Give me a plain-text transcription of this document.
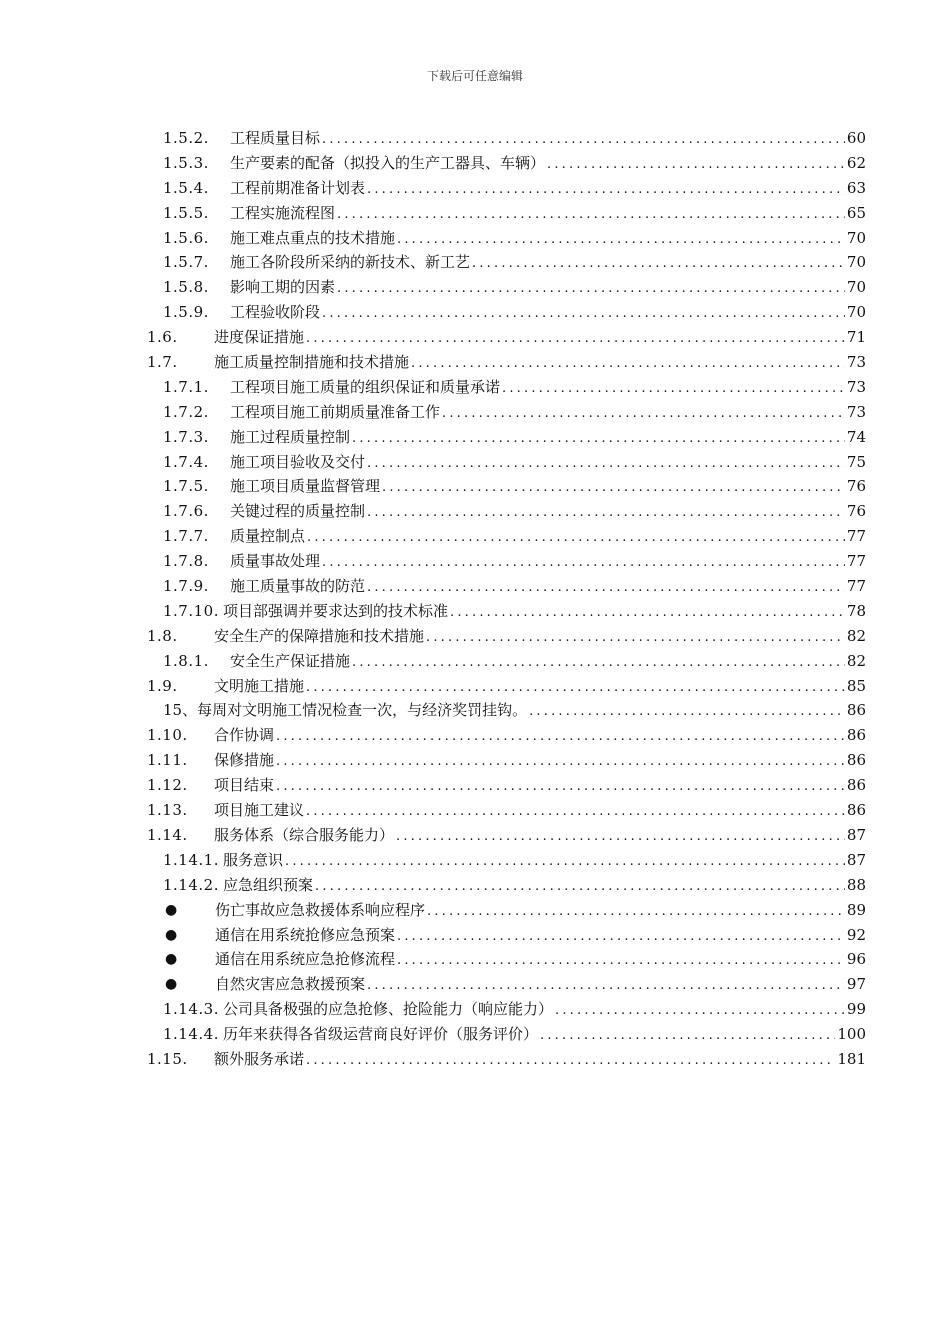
下载后可任意编辑
1.5.2.	工程质量目标 .....	60
1.5.3.	生产要素的配备（拟投入的生产工器具、车辆） .....	62
1.5.4.	工程前期准备计划表 .....	63
1.5.5.	工程实施流程图 .....	65
1.5.6.	施工难点重点的技术措施 .....	70
1.5.7.	施工各阶段所采纳的新技术、新工艺 .....	70
1.5.8.	影响工期的因素 .....	70
1.5.9.	工程验收阶段 .....	70
1.6.	进度保证措施 .....	71
1.7.	施工质量控制措施和技术措施 .....	73
1.7.1.	工程项目施工质量的组织保证和质量承诺 .....	73
1.7.2.	工程项目施工前期质量准备工作 .....	73
1.7.3.	施工过程质量控制 .....	74
1.7.4.	施工项目验收及交付 .....	75
1.7.5.	施工项目质量监督管理 .....	76
1.7.6.	关键过程的质量控制 .....	76
1.7.7.	质量控制点 .....	77
1.7.8.	质量事故处理 .....	77
1.7.9.	施工质量事故的防范 .....	77
1.7.10. 项目部强调并要求达到的技术标准 .....	78
1.8.	安全生产的保障措施和技术措施 .....	82
1.8.1.	安全生产保证措施 .....	82
1.9.	文明施工措施 .....	85
15、每周对文明施工情况检查一次，与经济奖罚挂钩。 .....	86
1.10.	合作协调 .....	86
1.11.	保修措施 .....	86
1.12.	项目结束 .....	86
1.13.	项目施工建议 .....	86
1.14.	服务体系（综合服务能力） .....	87
1.14.1. 服务意识 .....	87
1.14.2. 应急组织预案 .....	88
●	伤亡事故应急救援体系响应程序 .....	89
●	通信在用系统抢修应急预案 .....	92
●	通信在用系统应急抢修流程 .....	96
●	自然灾害应急救援预案 .....	97
1.14.3. 公司具备极强的应急抢修、抢险能力（响应能力） .....	99
1.14.4. 历年来获得各省级运营商良好评价（服务评价） .....	100
1.15.	额外服务承诺 .....	181
